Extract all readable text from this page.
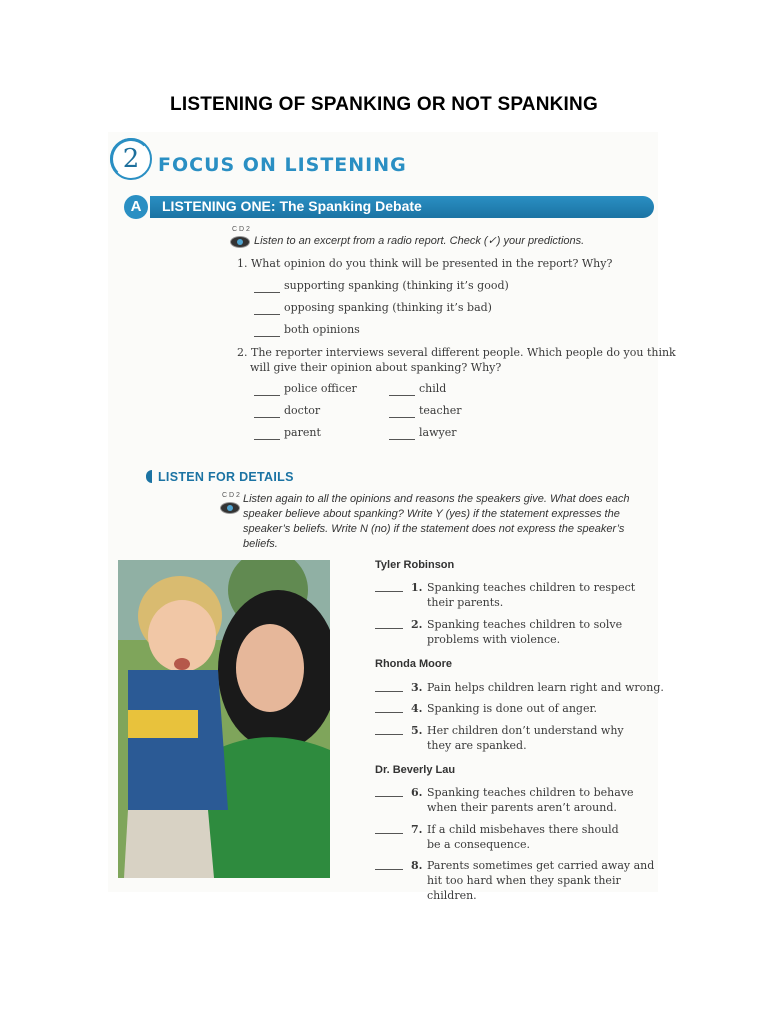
LISTENING OF SPANKING OR NOT SPANKING
2 FOCUS ON LISTENING
LISTENING ONE: The Spanking Debate
A
C D 2
Listen to an excerpt from a radio report. Check (✓) your predictions.
1. What opinion do you think will be presented in the report? Why?
supporting spanking (thinking it’s good)
opposing spanking (thinking it’s bad)
both opinions
2. The reporter interviews several different people. Which people do you think
will give their opinion about spanking? Why?
police officer
doctor
parent
child
teacher
lawyer
LISTEN FOR DETAILS
C D 2 Listen again to all the opinions and reasons the speakers give. What does each
speaker believe about spanking? Write Y (yes) if the statement expresses the
speaker’s beliefs. Write N (no) if the statement does not express the speaker’s
beliefs.
Tyler Robinson
1. Spanking teaches children to respect their parents.
2. Spanking teaches children to solve problems with violence.
Rhonda Moore
3. Pain helps children learn right and wrong.
4. Spanking is done out of anger.
5. Her children don’t understand why they are spanked.
Dr. Beverly Lau
6. Spanking teaches children to behave when their parents aren’t around.
7. If a child misbehaves there should be a consequence.
8. Parents sometimes get carried away and hit too hard when they spank their children.
